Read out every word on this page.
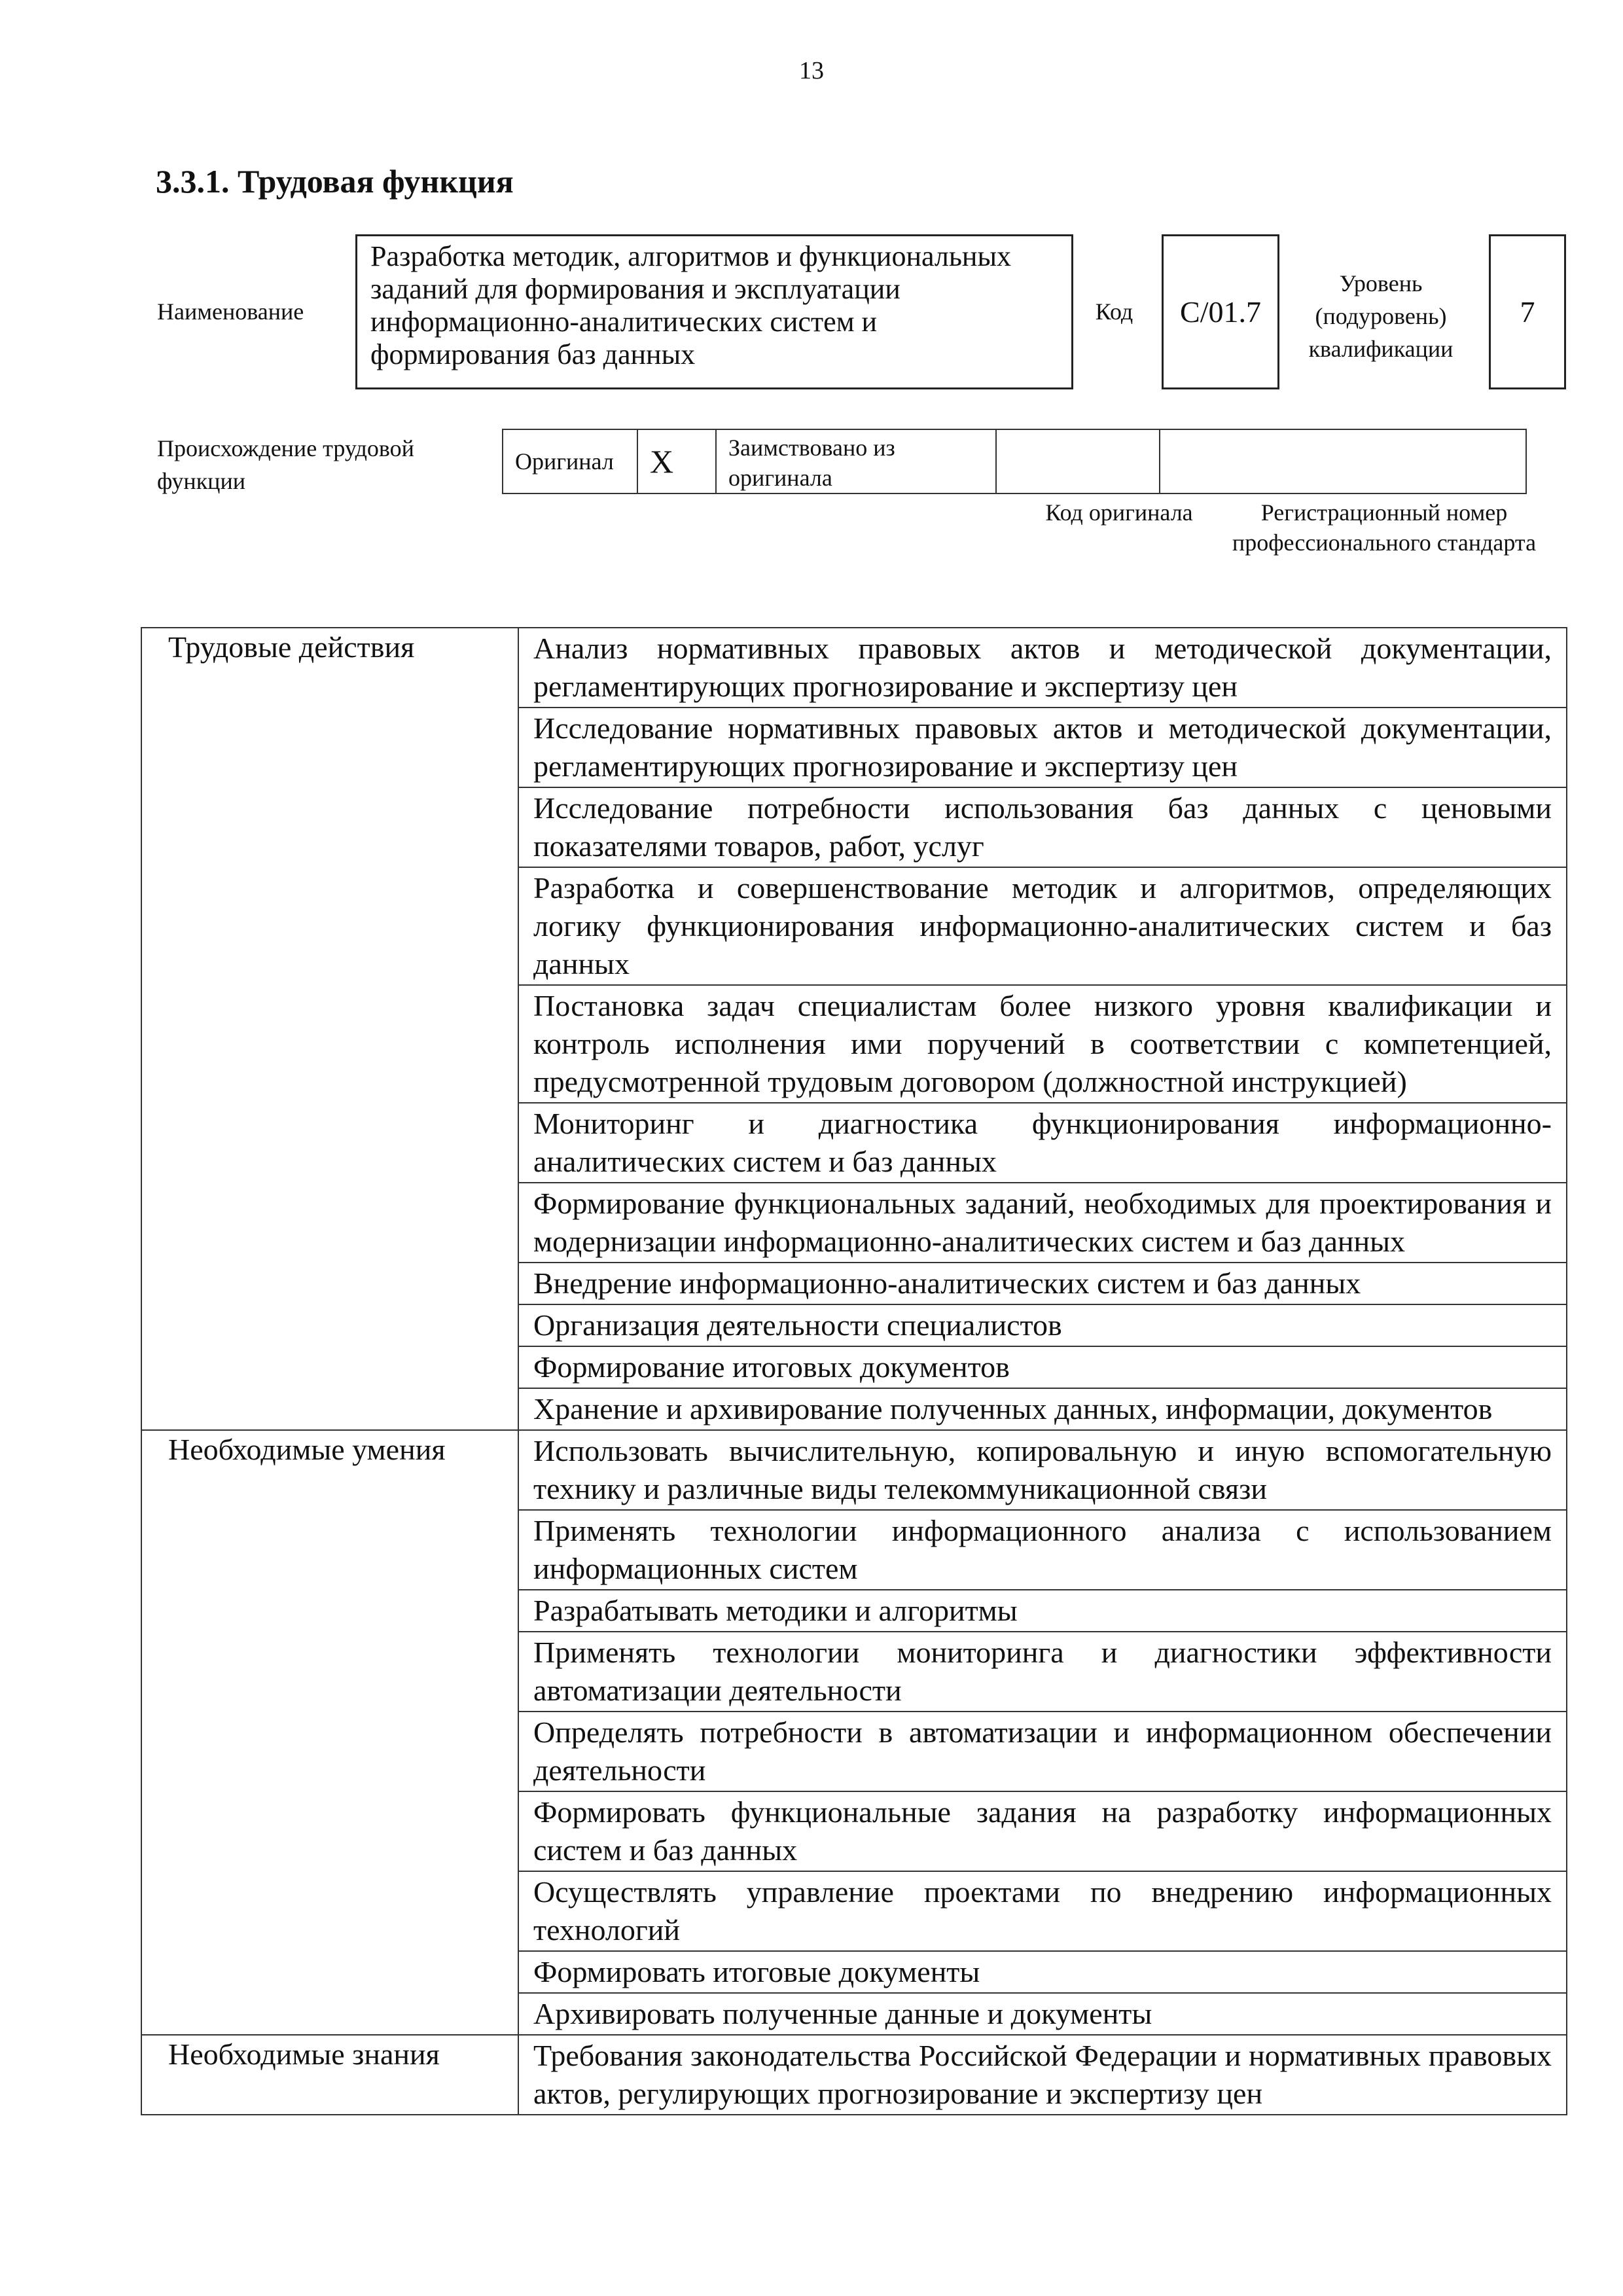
13
3.3.1. Трудовая функция
Наименование
Разработка методик, алгоритмов и функциональных заданий для формирования и эксплуатации информационно-аналитических систем и формирования баз данных
Код	C/01.7
Уровень (подуровень) квалификации
7
Происхождение трудовой функции
Оригинал	X	Заимствовано из оригинала		
Код оригинала	Регистрационный номер профессионального стандарта
Трудовые действия	Анализ нормативных правовых актов и методической документации, регламентирующих прогнозирование и экспертизу цен
	Исследование нормативных правовых актов и методической документации, регламентирующих прогнозирование и экспертизу цен
	Исследование потребности использования баз данных с ценовыми показателями товаров, работ, услуг
	Разработка и совершенствование методик и алгоритмов, определяющих логику функционирования информационно-аналитических систем и баз данных
	Постановка задач специалистам более низкого уровня квалификации и контроль исполнения ими поручений в соответствии с компетенцией, предусмотренной трудовым договором (должностной инструкцией)
	Мониторинг и диагностика функционирования информационно-аналитических систем и баз данных
	Формирование функциональных заданий, необходимых для проектирования и модернизации информационно-аналитических систем и баз данных
	Внедрение информационно-аналитических систем и баз данных
	Организация деятельности специалистов
	Формирование итоговых документов
	Хранение и архивирование полученных данных, информации, документов
Необходимые умения	Использовать вычислительную, копировальную и иную вспомогательную технику и различные виды телекоммуникационной связи
	Применять технологии информационного анализа с использованием информационных систем
	Разрабатывать методики и алгоритмы
	Применять технологии мониторинга и диагностики эффективности автоматизации деятельности
	Определять потребности в автоматизации и информационном обеспечении деятельности
	Формировать функциональные задания на разработку информационных систем и баз данных
	Осуществлять управление проектами по внедрению информационных технологий
	Формировать итоговые документы
	Архивировать полученные данные и документы
Необходимые знания	Требования законодательства Российской Федерации и нормативных правовых актов, регулирующих прогнозирование и экспертизу цен
